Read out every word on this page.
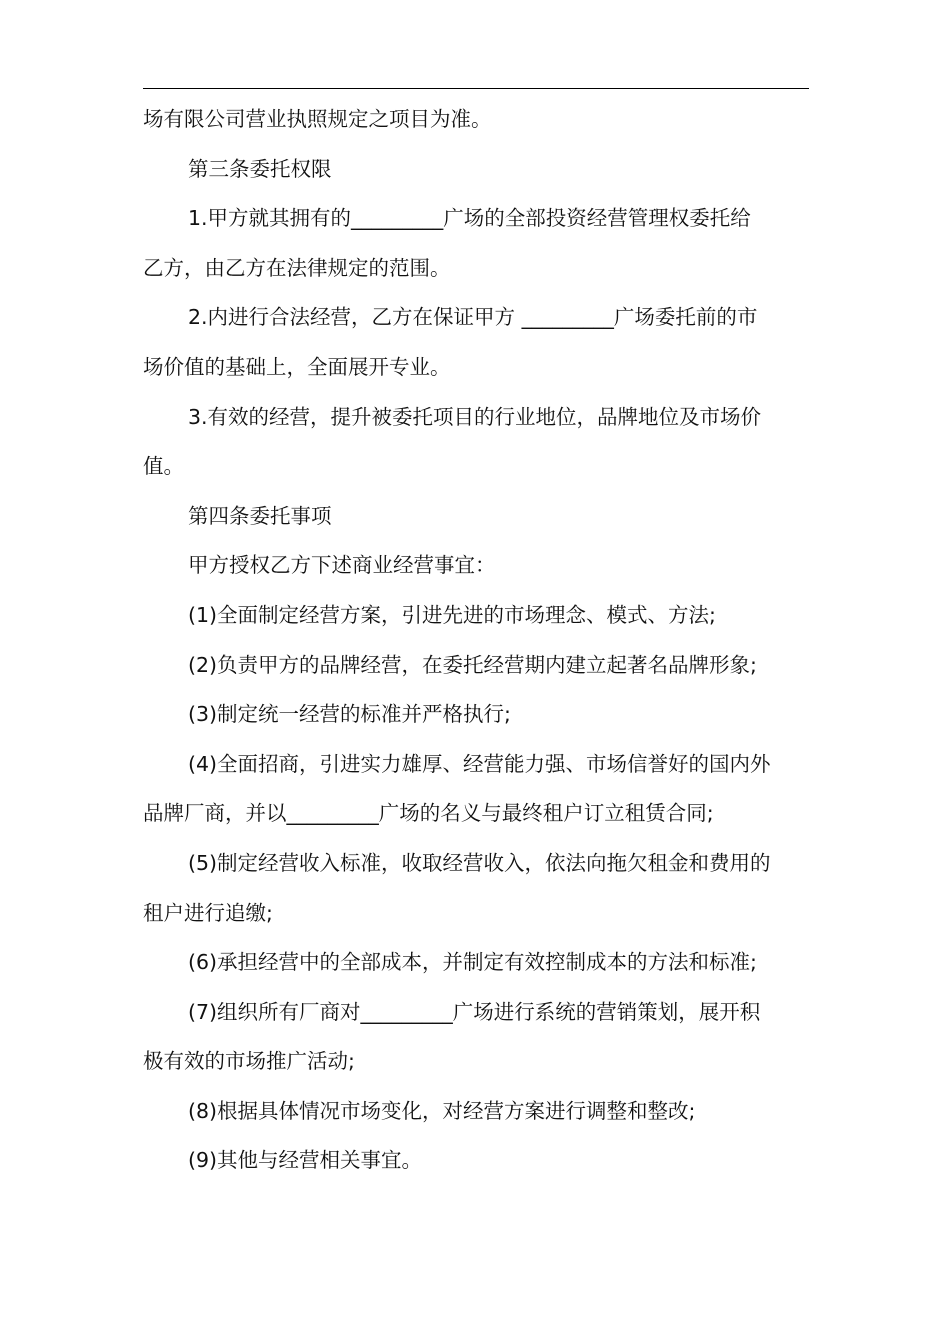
场有限公司营业执照规定之项目为准。

第三条委托权限

1.甲方就其拥有的_________广场的全部投资经营管理权委托给

乙方，由乙方在法律规定的范围。

2.内进行合法经营，乙方在保证甲方 _________广场委托前的市

场价值的基础上，全面展开专业。

3.有效的经营，提升被委托项目的行业地位，品牌地位及市场价

值。

第四条委托事项

甲方授权乙方下述商业经营事宜：

(1)全面制定经营方案，引进先进的市场理念、模式、方法;

(2)负责甲方的品牌经营，在委托经营期内建立起著名品牌形象;

(3)制定统一经营的标准并严格执行;

(4)全面招商，引进实力雄厚、经营能力强、市场信誉好的国内外

品牌厂商，并以_________广场的名义与最终租户订立租赁合同;

(5)制定经营收入标准，收取经营收入，依法向拖欠租金和费用的

租户进行追缴;

(6)承担经营中的全部成本，并制定有效控制成本的方法和标准;

(7)组织所有厂商对_________广场进行系统的营销策划，展开积

极有效的市场推广活动;

(8)根据具体情况市场变化，对经营方案进行调整和整改;

(9)其他与经营相关事宜。
